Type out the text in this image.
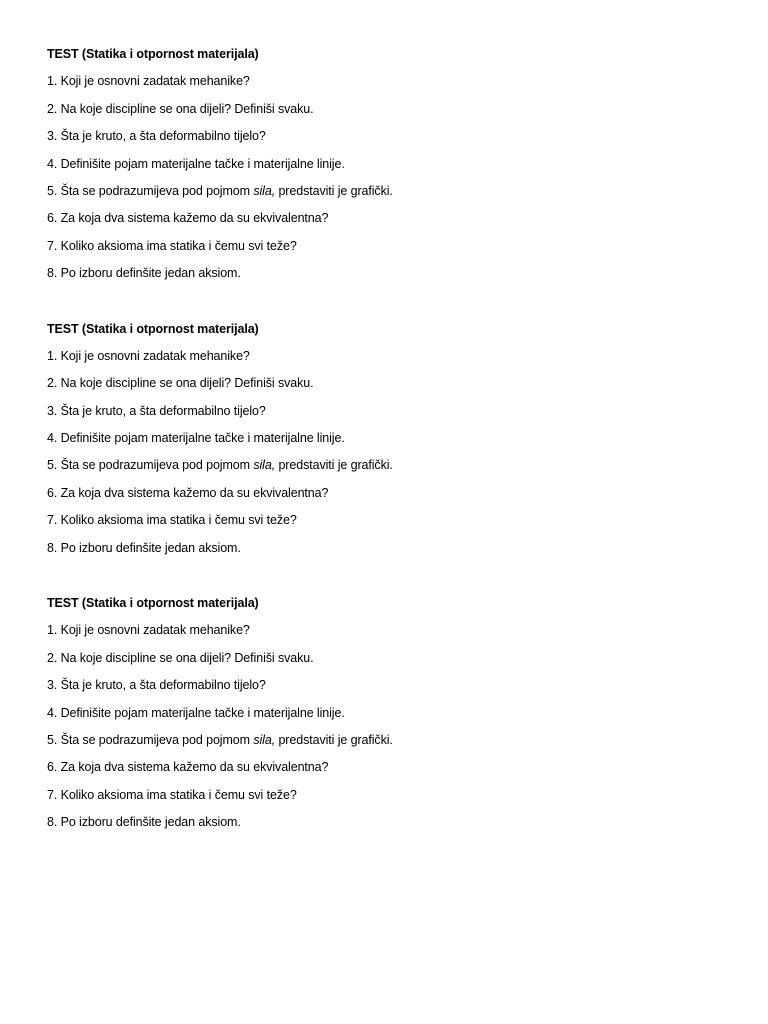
TEST (Statika i otpornost materijala)
1. Koji je osnovni zadatak mehanike?
2. Na koje discipline se ona dijeli? Definiši svaku.
3. Šta je kruto, a šta deformabilno tijelo?
4. Definišite pojam materijalne tačke i materijalne linije.
5. Šta se podrazumijeva pod pojmom sila, predstaviti je grafički.
6. Za koja dva sistema kažemo da su ekvivalentna?
7. Koliko aksioma ima statika i čemu svi teže?
8. Po izboru definšite jedan aksiom.
TEST (Statika i otpornost materijala)
1. Koji je osnovni zadatak mehanike?
2. Na koje discipline se ona dijeli? Definiši svaku.
3. Šta je kruto, a šta deformabilno tijelo?
4. Definišite pojam materijalne tačke i materijalne linije.
5. Šta se podrazumijeva pod pojmom sila, predstaviti je grafički.
6. Za koja dva sistema kažemo da su ekvivalentna?
7. Koliko aksioma ima statika i čemu svi teže?
8. Po izboru definšite jedan aksiom.
TEST (Statika i otpornost materijala)
1. Koji je osnovni zadatak mehanike?
2. Na koje discipline se ona dijeli? Definiši svaku.
3. Šta je kruto, a šta deformabilno tijelo?
4. Definišite pojam materijalne tačke i materijalne linije.
5. Šta se podrazumijeva pod pojmom sila, predstaviti je grafički.
6. Za koja dva sistema kažemo da su ekvivalentna?
7. Koliko aksioma ima statika i čemu svi teže?
8. Po izboru definšite jedan aksiom.
